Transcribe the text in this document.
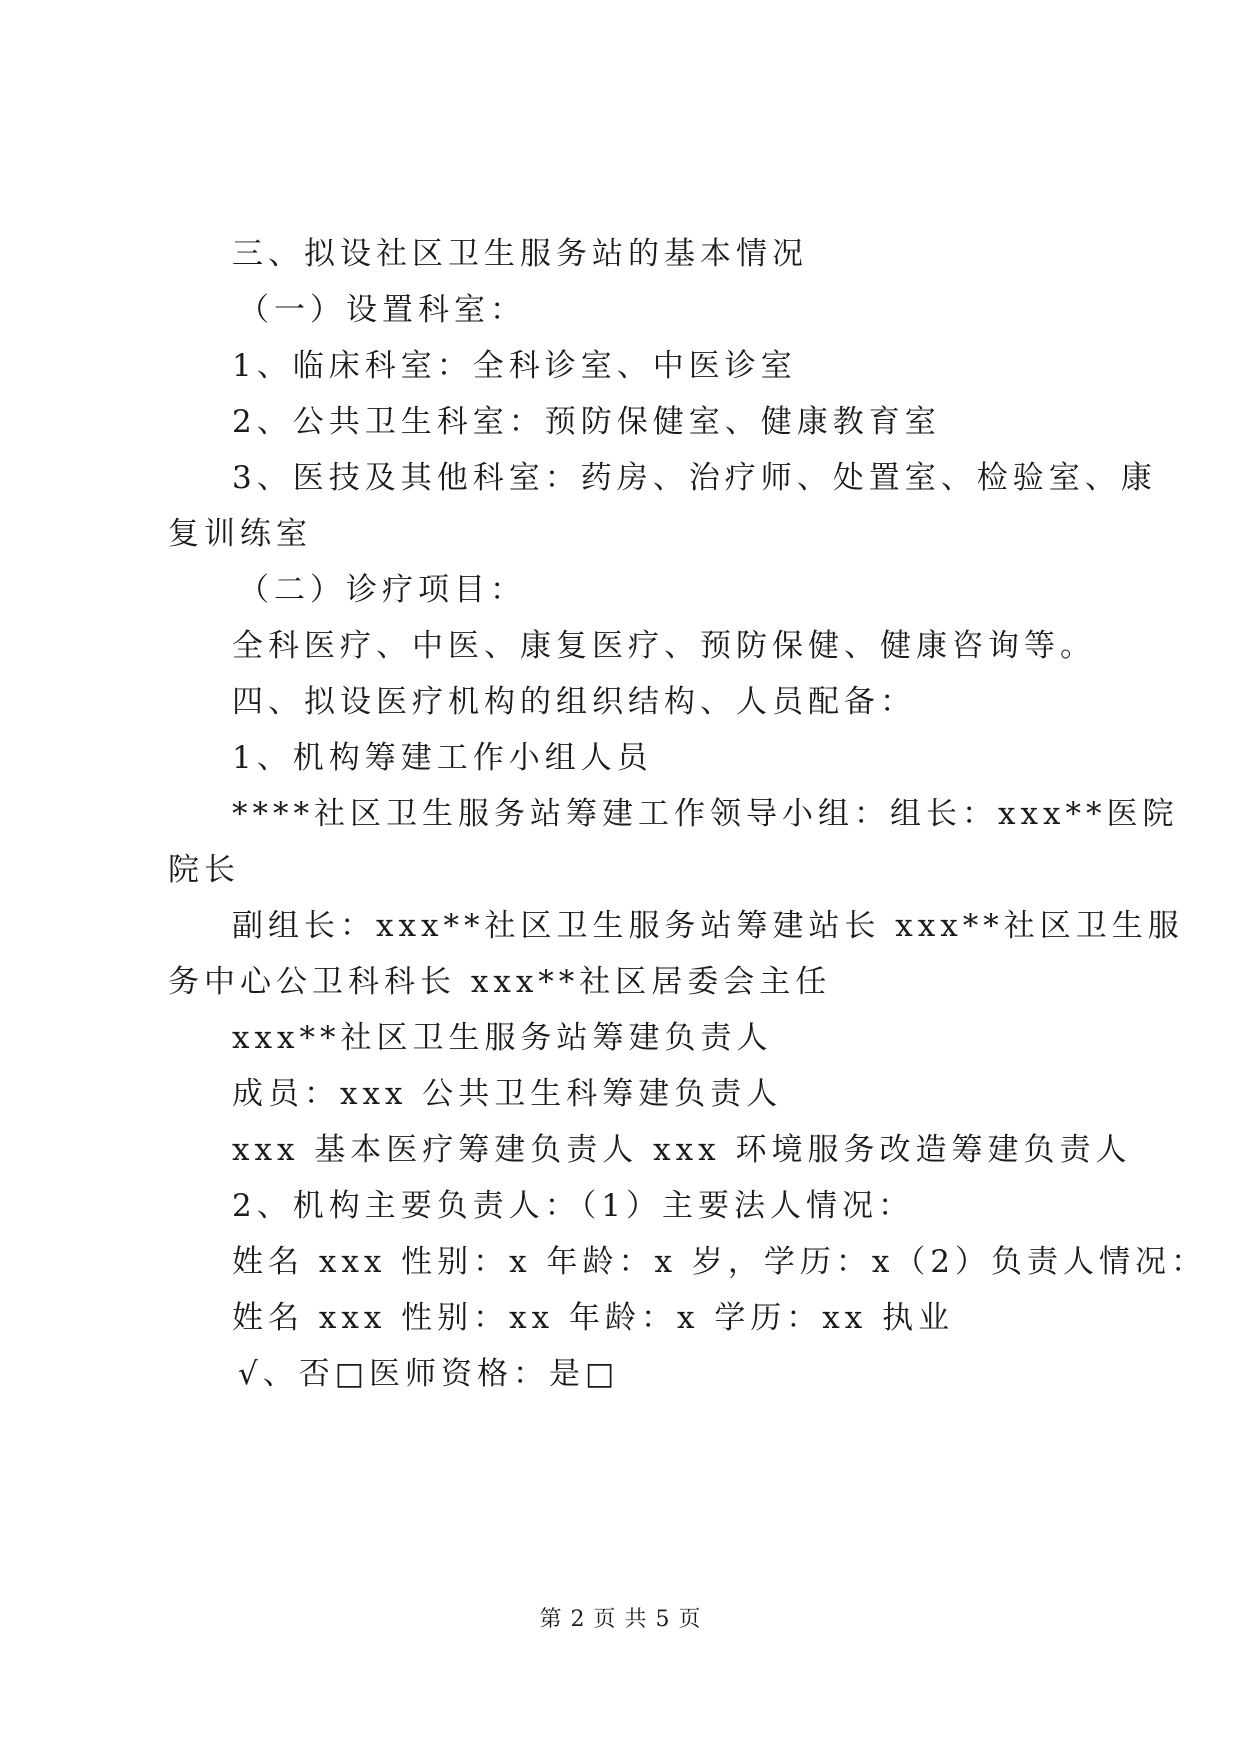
三、拟设社区卫生服务站的基本情况
（一）设置科室：
1、临床科室：全科诊室、中医诊室
2、公共卫生科室：预防保健室、健康教育室
3、医技及其他科室：药房、治疗师、处置室、检验室、康
复训练室
（二）诊疗项目：
全科医疗、中医、康复医疗、预防保健、健康咨询等。
四、拟设医疗机构的组织结构、人员配备：
1、机构筹建工作小组人员
****社区卫生服务站筹建工作领导小组：组长：xxx**医院
院长
副组长：xxx**社区卫生服务站筹建站长 xxx**社区卫生服
务中心公卫科科长 xxx**社区居委会主任
xxx**社区卫生服务站筹建负责人
成员：xxx 公共卫生科筹建负责人
xxx 基本医疗筹建负责人 xxx 环境服务改造筹建负责人
2、机构主要负责人：（1）主要法人情况：
姓名 xxx 性别：x 年龄：x 岁，学历：x（2）负责人情况：
姓名 xxx 性别：xx 年龄：x 学历：xx 执业
√、否□医师资格：是□
第 2 页 共 5 页
